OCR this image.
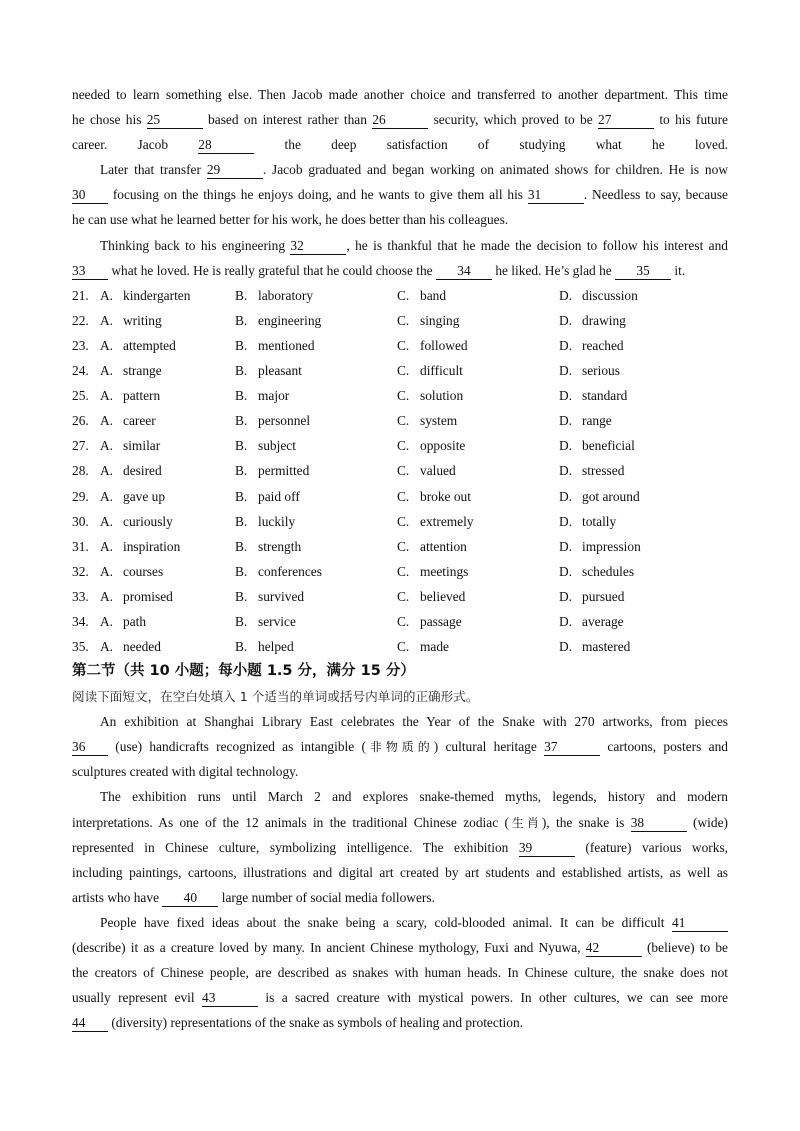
needed to learn something else. Then Jacob made another choice and transferred to another department. This time
he chose his 25	based on interest rather than 26	security, which proved to be 27	to his future
career. Jacob 28	the deep satisfaction of studying what he loved.
Later that transfer 29	. Jacob graduated and began working on animated shows for children. He is now
30 focusing on the things he enjoys doing, and he wants to give them all his 31	. Needless to say, because
he can use what he learned better for his work, he does better than his colleagues.
Thinking back to his engineering 32	, he is thankful that he made the decision to follow his interest and
33 what he loved. He is really grateful that he could choose the 34 he liked. He’s glad he 35 it.
21. A. kindergarten	B. laboratory	C. band	D. discussion
22. A. writing	B. engineering	C. singing	D. drawing
23. A. attempted	B. mentioned	C. followed	D. reached
24. A. strange	B. pleasant	C. difficult	D. serious
25. A. pattern	B. major	C. solution	D. standard
26. A. career	B. personnel	C. system	D. range
27. A. similar	B. subject	C. opposite	D. beneficial
28. A. desired	B. permitted	C. valued	D. stressed
29. A. gave up	B. paid off	C. broke out	D. got around
30. A. curiously	B. luckily	C. extremely	D. totally
31. A. inspiration	B. strength	C. attention	D. impression
32. A. courses	B. conferences	C. meetings	D. schedules
33. A. promised	B. survived	C. believed	D. pursued
34. A. path	B. service	C. passage	D. average
35. A. needed	B. helped	C. made	D. mastered
第二节（共 10 小题；每小题 1.5 分，满分 15 分）
阅读下面短文，在空白处填入 1 个适当的单词或括号内单词的正确形式。
An exhibition at Shanghai Library East celebrates the Year of the Snake with 270 artworks, from pieces
36 (use) handicrafts recognized as intangible (非物质的) cultural heritage 37	cartoons, posters and
sculptures created with digital technology.
The exhibition runs until March 2 and explores snake-themed myths, legends, history and modern
interpretations. As one of the 12 animals in the traditional Chinese zodiac (生肖), the snake is 38	(wide)
represented in Chinese culture, symbolizing intelligence. The exhibition 39	(feature) various works,
including paintings, cartoons, illustrations and digital art created by art students and established artists, as well as
artists who have 40 large number of social media followers.
People have fixed ideas about the snake being a scary, cold-blooded animal. It can be difficult 41
(describe) it as a creature loved by many. In ancient Chinese mythology, Fuxi and Nyuwa, 42	(believe) to be
the creators of Chinese people, are described as snakes with human heads. In Chinese culture, the snake does not
usually represent evil 43	is a sacred creature with mystical powers. In other cultures, we can see more
44 (diversity) representations of the snake as symbols of healing and protection.
